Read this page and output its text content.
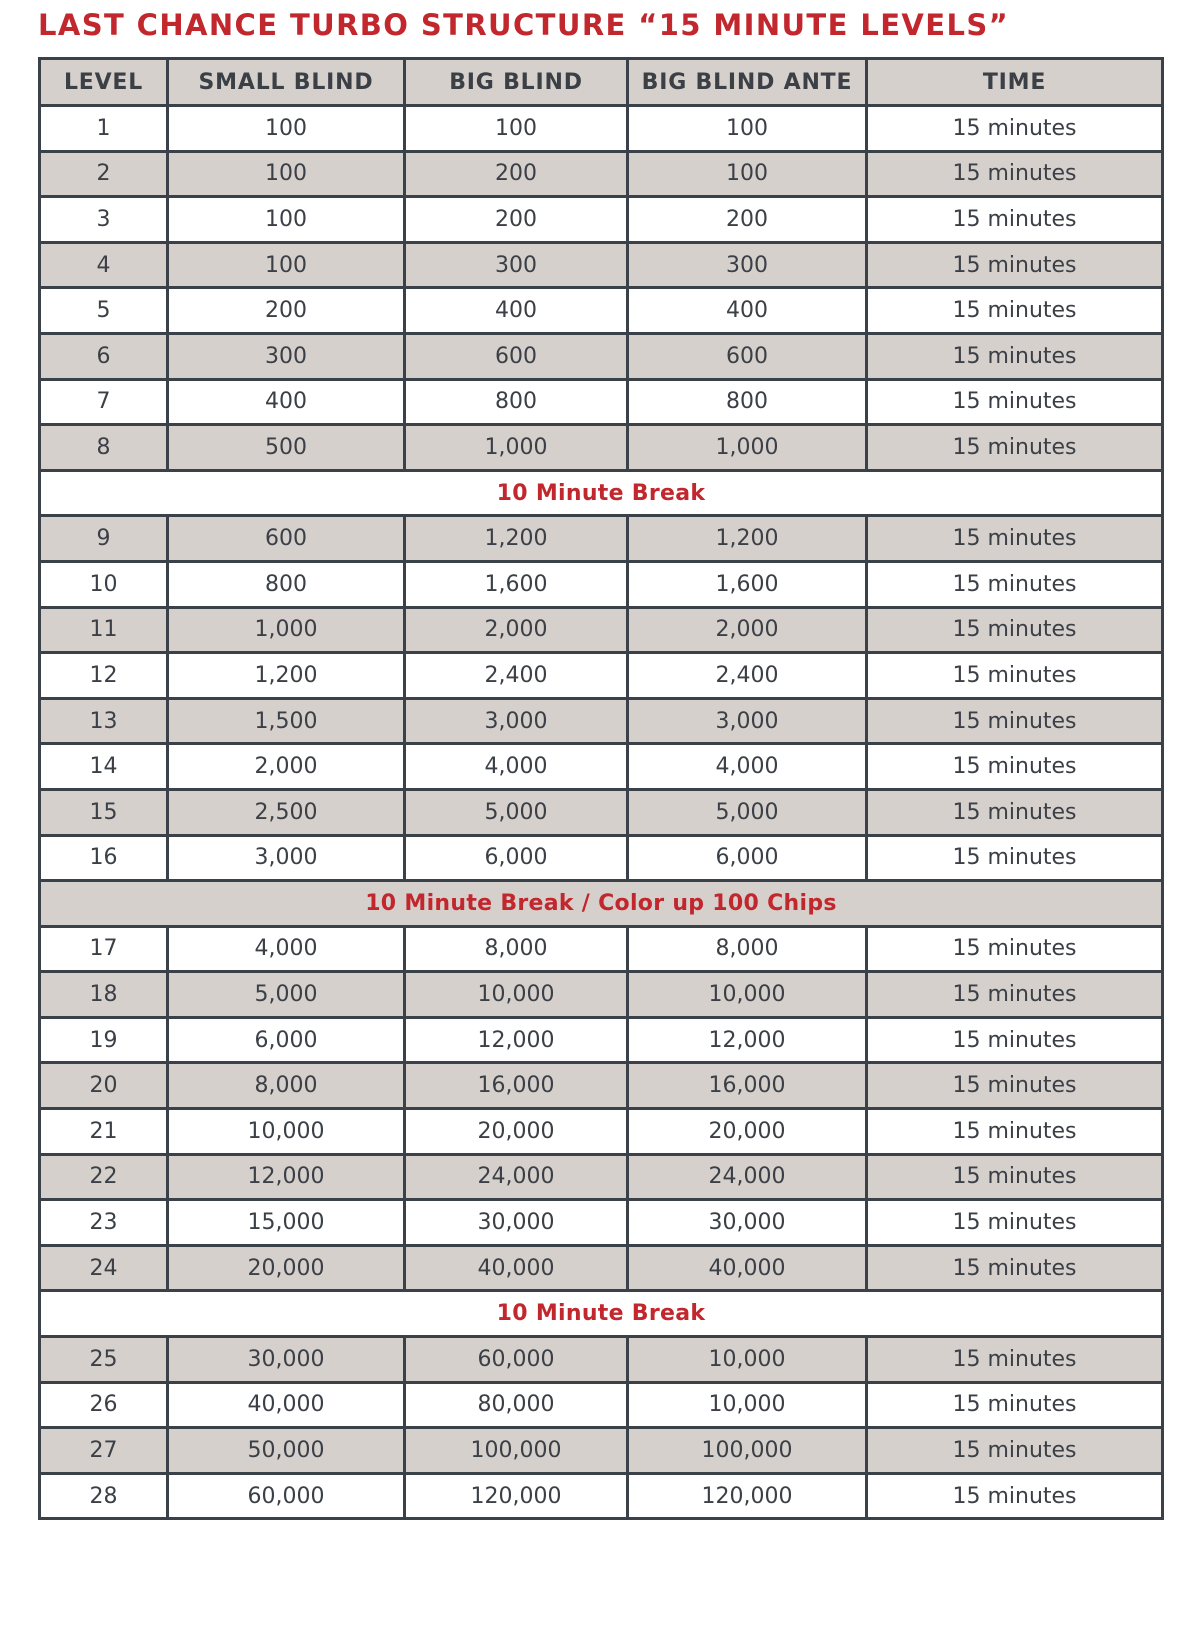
LAST CHANCE TURBO STRUCTURE “15 MINUTE LEVELS”
LEVEL	SMALL BLIND	BIG BLIND	BIG BLIND ANTE	TIME
1	100	100	100	15 minutes
2	100	200	100	15 minutes
3	100	200	200	15 minutes
4	100	300	300	15 minutes
5	200	400	400	15 minutes
6	300	600	600	15 minutes
7	400	800	800	15 minutes
8	500	1,000	1,000	15 minutes
10 Minute Break				
9	600	1,200	1,200	15 minutes
10	800	1,600	1,600	15 minutes
11	1,000	2,000	2,000	15 minutes
12	1,200	2,400	2,400	15 minutes
13	1,500	3,000	3,000	15 minutes
14	2,000	4,000	4,000	15 minutes
15	2,500	5,000	5,000	15 minutes
16	3,000	6,000	6,000	15 minutes
10 Minute Break / Color up 100 Chips				
17	4,000	8,000	8,000	15 minutes
18	5,000	10,000	10,000	15 minutes
19	6,000	12,000	12,000	15 minutes
20	8,000	16,000	16,000	15 minutes
21	10,000	20,000	20,000	15 minutes
22	12,000	24,000	24,000	15 minutes
23	15,000	30,000	30,000	15 minutes
24	20,000	40,000	40,000	15 minutes
10 Minute Break				
25	30,000	60,000	10,000	15 minutes
26	40,000	80,000	10,000	15 minutes
27	50,000	100,000	100,000	15 minutes
28	60,000	120,000	120,000	15 minutes
